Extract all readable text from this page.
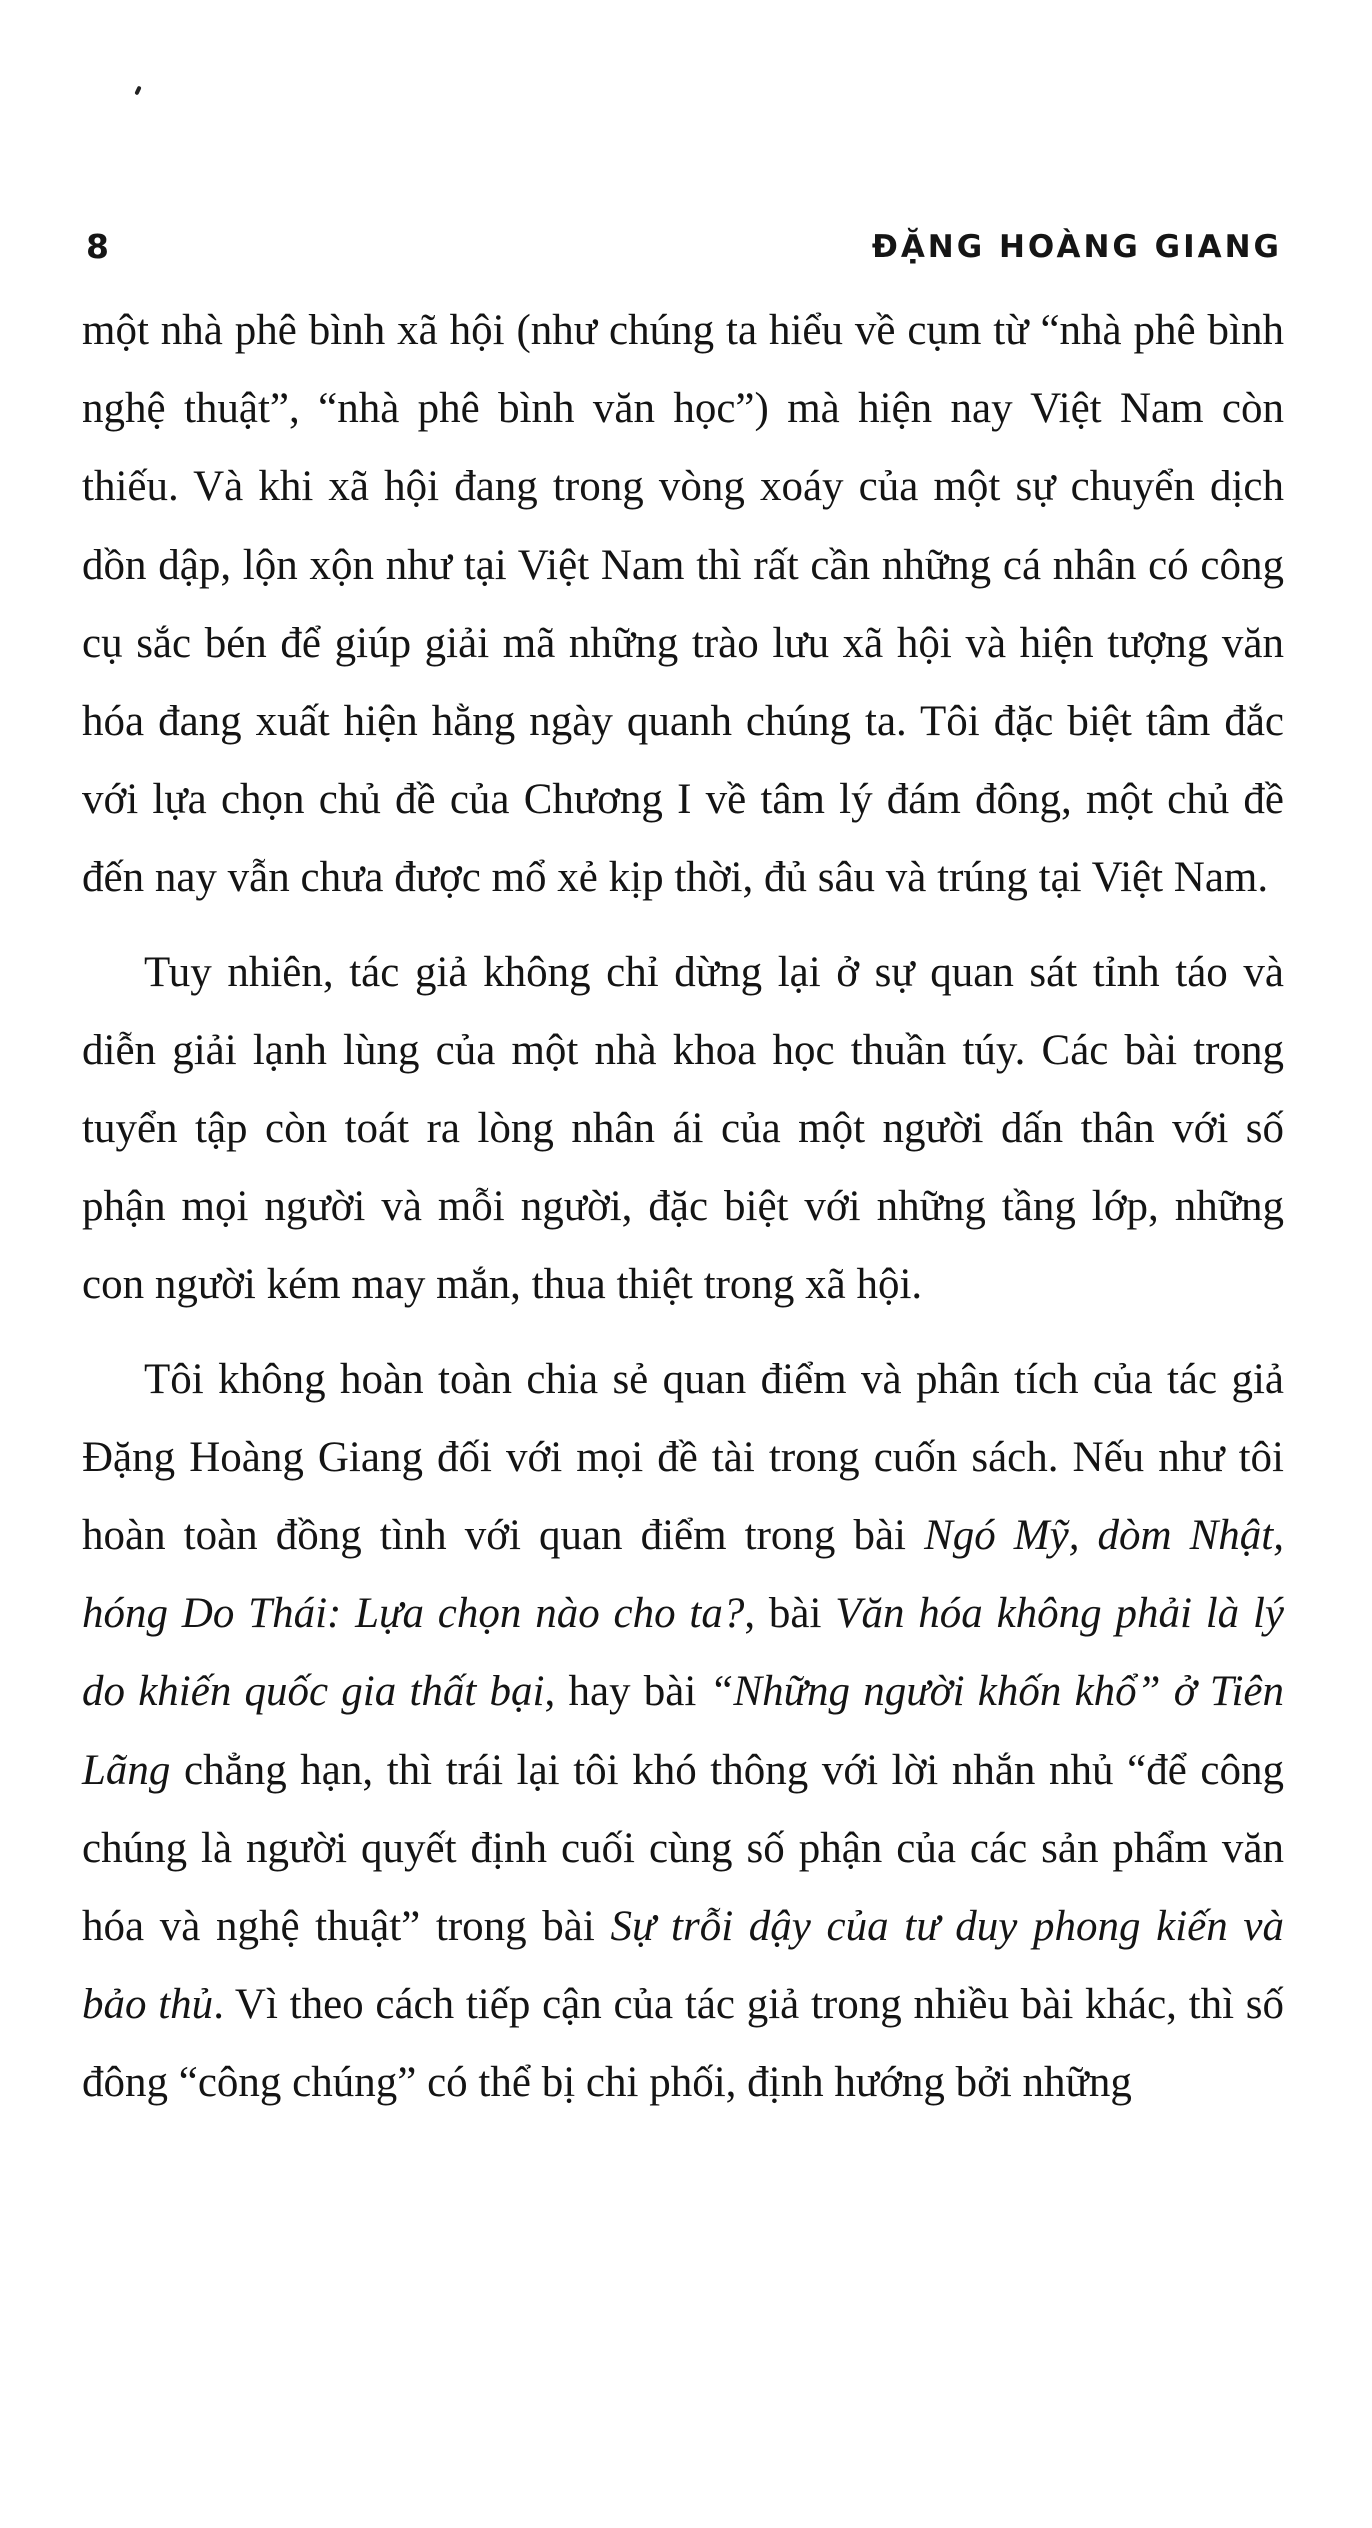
8	ĐẶNG HOÀNG GIANG

một nhà phê bình xã hội (như chúng ta hiểu về cụm từ “nhà phê bình nghệ thuật”, “nhà phê bình văn học”) mà hiện nay Việt Nam còn thiếu. Và khi xã hội đang trong vòng xoáy của một sự chuyển dịch dồn dập, lộn xộn như tại Việt Nam thì rất cần những cá nhân có công cụ sắc bén để giúp giải mã những trào lưu xã hội và hiện tượng văn hóa đang xuất hiện hằng ngày quanh chúng ta. Tôi đặc biệt tâm đắc với lựa chọn chủ đề của Chương I về tâm lý đám đông, một chủ đề đến nay vẫn chưa được mổ xẻ kịp thời, đủ sâu và trúng tại Việt Nam.

Tuy nhiên, tác giả không chỉ dừng lại ở sự quan sát tỉnh táo và diễn giải lạnh lùng của một nhà khoa học thuần túy. Các bài trong tuyển tập còn toát ra lòng nhân ái của một người dấn thân với số phận mọi người và mỗi người, đặc biệt với những tầng lớp, những con người kém may mắn, thua thiệt trong xã hội.

Tôi không hoàn toàn chia sẻ quan điểm và phân tích của tác giả Đặng Hoàng Giang đối với mọi đề tài trong cuốn sách. Nếu như tôi hoàn toàn đồng tình với quan điểm trong bài Ngó Mỹ, dòm Nhật, hóng Do Thái: Lựa chọn nào cho ta?, bài Văn hóa không phải là lý do khiến quốc gia thất bại, hay bài “Những người khốn khổ” ở Tiên Lãng chẳng hạn, thì trái lại tôi khó thông với lời nhắn nhủ “để công chúng là người quyết định cuối cùng số phận của các sản phẩm văn hóa và nghệ thuật” trong bài Sự trỗi dậy của tư duy phong kiến và bảo thủ. Vì theo cách tiếp cận của tác giả trong nhiều bài khác, thì số đông “công chúng” có thể bị chi phối, định hướng bởi những
